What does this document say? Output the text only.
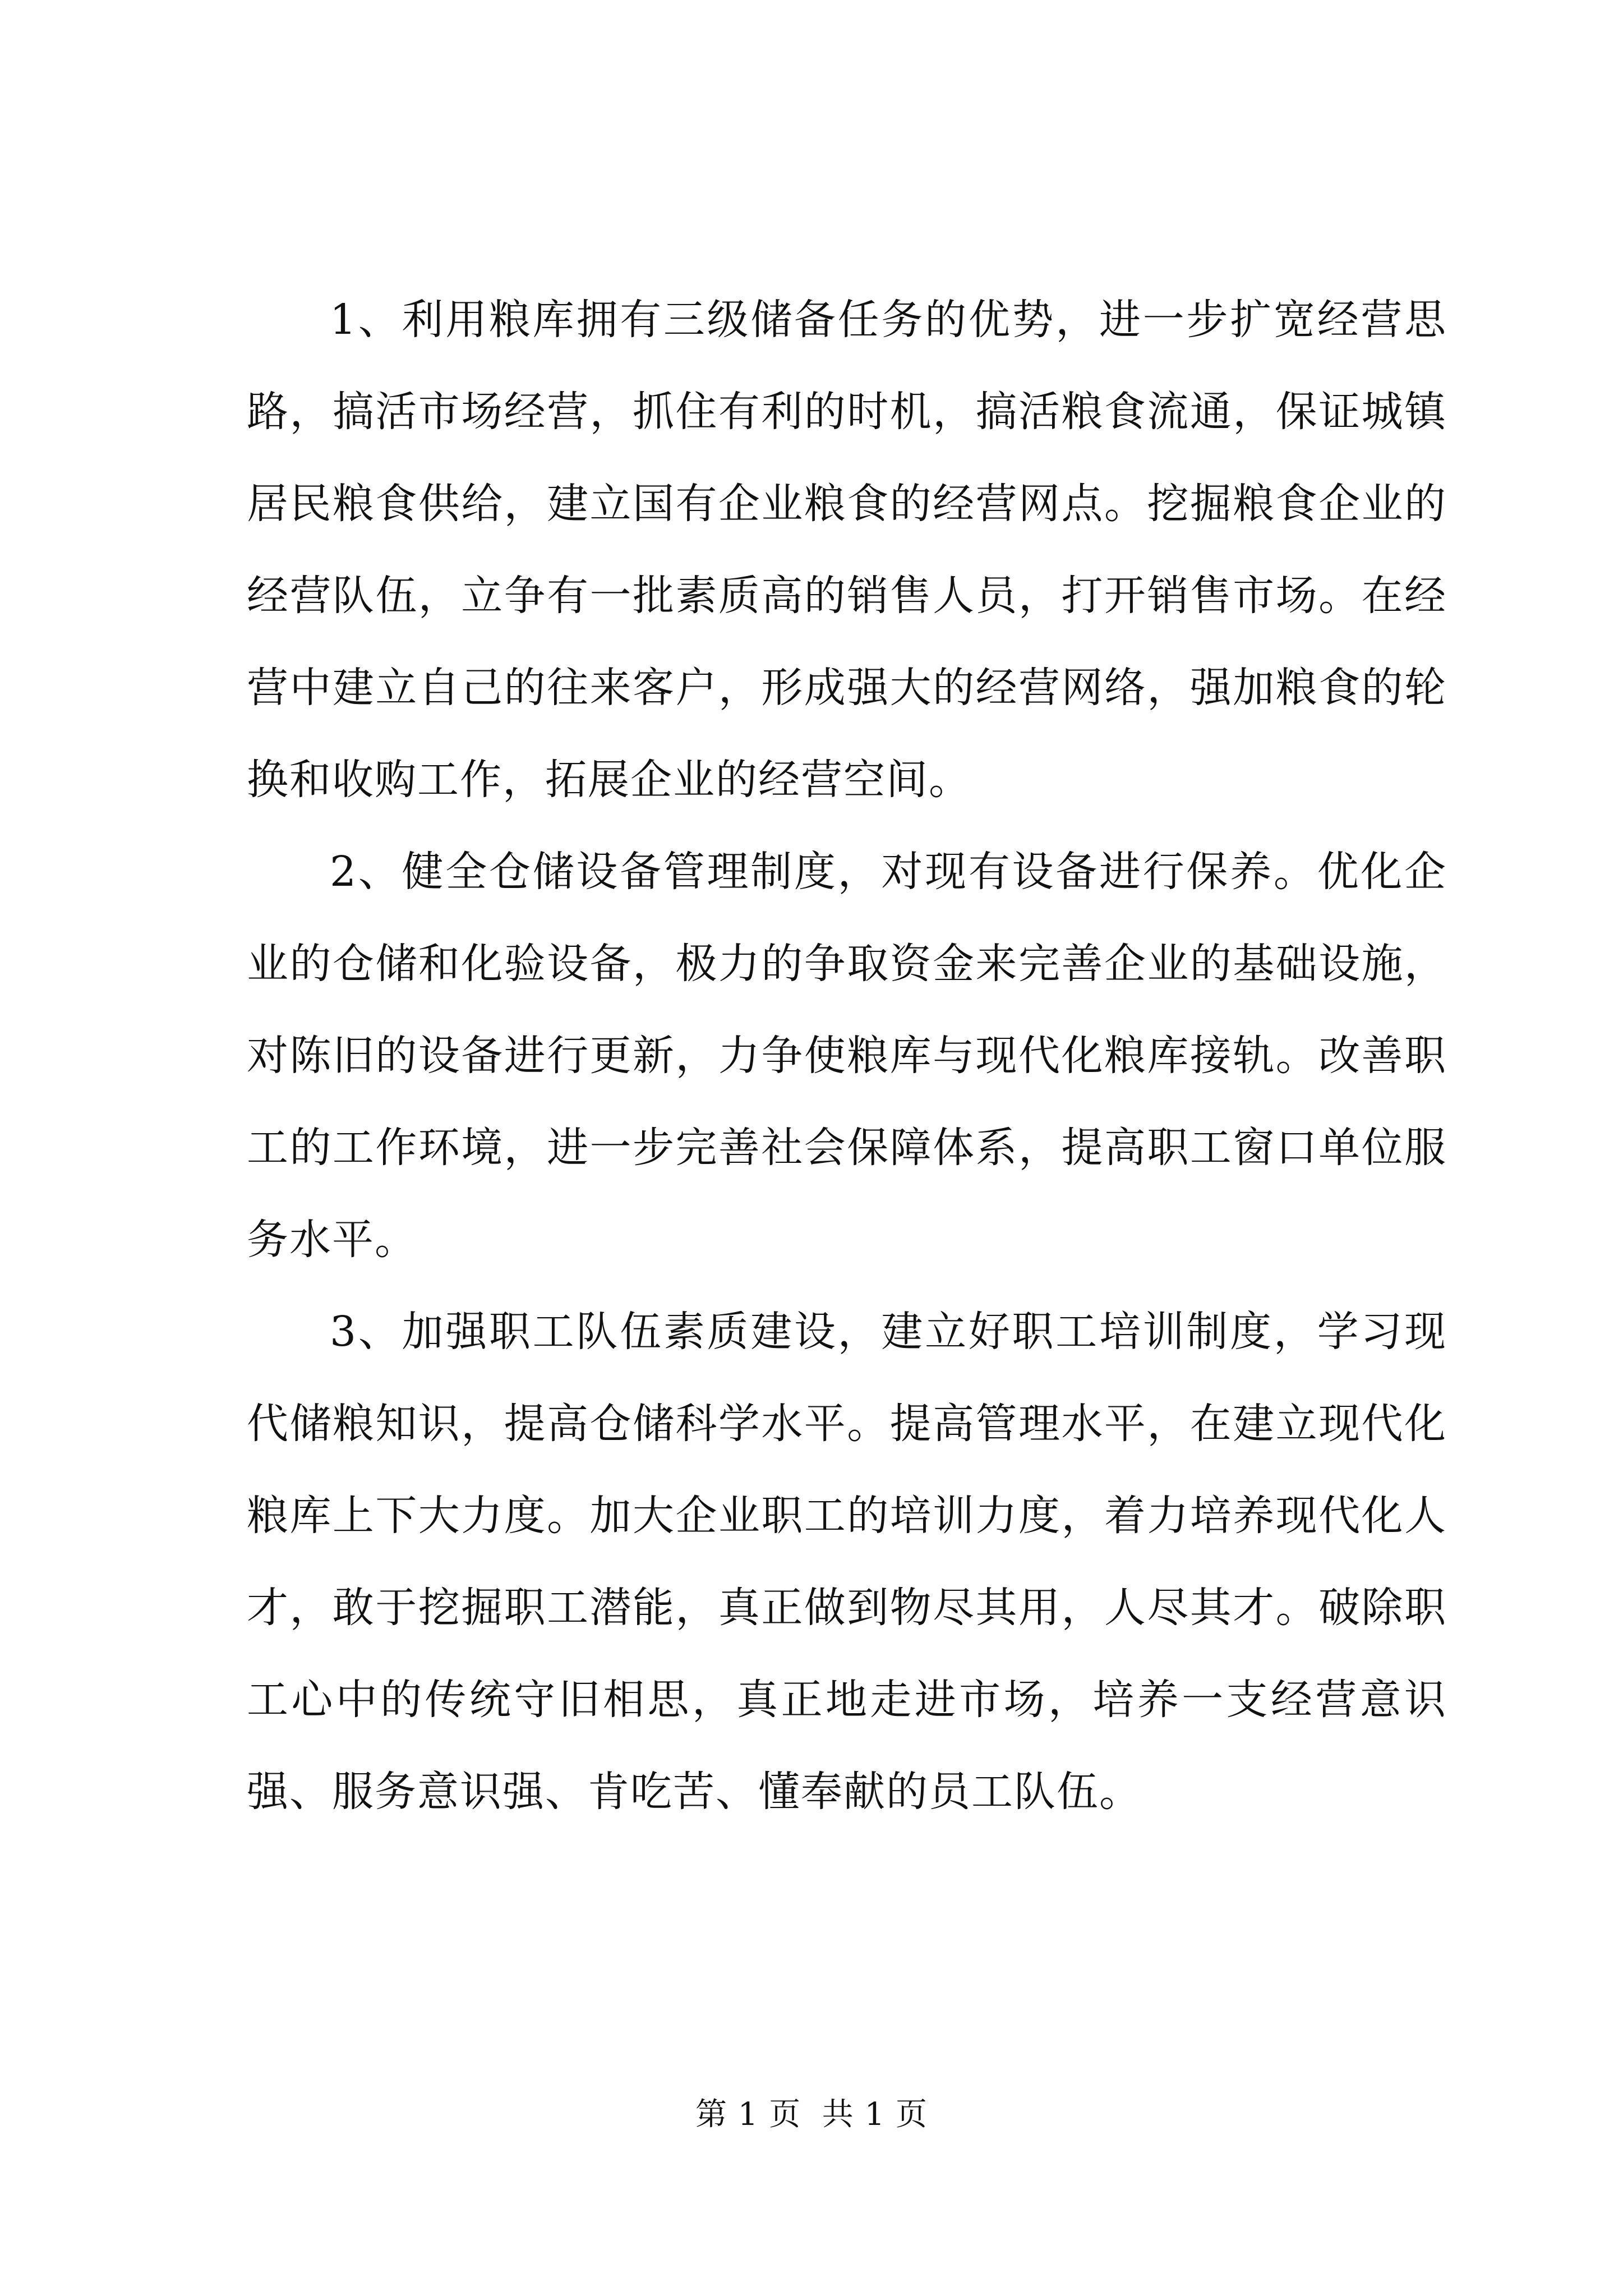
1、利用粮库拥有三级储备任务的优势，进一步扩宽经营思路，搞活市场经营，抓住有利的时机，搞活粮食流通，保证城镇居民粮食供给，建立国有企业粮食的经营网点。挖掘粮食企业的经营队伍，立争有一批素质高的销售人员，打开销售市场。在经营中建立自己的往来客户，形成强大的经营网络，强加粮食的轮换和收购工作，拓展企业的经营空间。

2、健全仓储设备管理制度，对现有设备进行保养。优化企业的仓储和化验设备，极力的争取资金来完善企业的基础设施，对陈旧的设备进行更新，力争使粮库与现代化粮库接轨。改善职工的工作环境，进一步完善社会保障体系，提高职工窗口单位服务水平。

3、加强职工队伍素质建设，建立好职工培训制度，学习现代储粮知识，提高仓储科学水平。提高管理水平，在建立现代化粮库上下大力度。加大企业职工的培训力度，着力培养现代化人才，敢于挖掘职工潜能，真正做到物尽其用，人尽其才。破除职工心中的传统守旧相思，真正地走进市场，培养一支经营意识强、服务意识强、肯吃苦、懂奉献的员工队伍。

第 1 页  共 1 页
